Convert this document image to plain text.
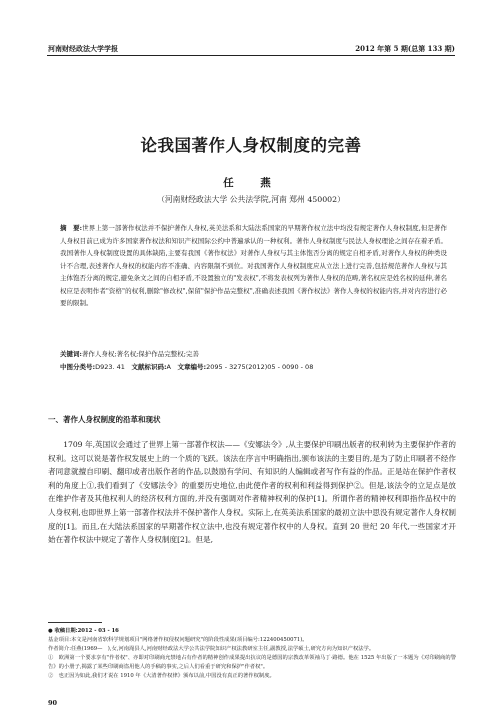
河南财经政法大学学报	2012 年第 5 期(总第 133 期)
论我国著作人身权制度的完善
任　燕
（河南财经政法大学 公共法学院,河南 郑州 450002）
摘　要:世界上第一部著作权法并不保护著作人身权,英美法系和大陆法系国家的早期著作权立法中均没有规定著作人身权制度,但是著作人身权目前已成为许多国家著作权法和知识产权国际公约中普遍承认的一种权利。著作人身权制度与民法人身权理论之间存在着矛盾。我国著作人身权制度设置的具体缺陷,主要有我国《著作权法》对著作人身权与其主体饱否分离的规定自相矛盾,对著作人身权的种类设计不合理,表述著作人身权的权能内容不准确、内容限制不到位。对我国著作人身权制度应从立法上进行完善,包括规范著作人身权与其主体饱否分离的规定,避免条文之间的自相矛盾,不设置独立的"发表权",不将发表权列为著作人身权的范畴,著名权应是姓名权的延伸,著名权应是表明作者"资格"的权利,删除"修改权",保留"保护作品完整权",准确表述我国《著作权法》著作人身权的权能内容,并对内容进行必要的限制。
关键词:著作人身权;著名权;保护作品完整权;完善
中图分类号:D923. 41　 文献标识码:A　 文章编号:2095 - 3275(2012)05 - 0090 - 08
一、著作人身权制度的沿革和现状
1709 年,英国议会通过了世界上第一部著作权法——《安娜法令》,从主要保护印刷出版者的权利转为主要保护作者的权利。这可以说是著作权发展史上的一个质的飞跃。该法在序言中明确指出,颁布该法的主要目的,是为了防止印刷者不经作者同意就擅自印刷、翻印或者出版作者的作品,以鼓励有学问、有知识的人编辑或者写作有益的作品。正是站在保护作者权利的角度上①,我们看到了《安娜法令》的重要历史地位,由此使作者的权利和利益得到保护②。但是,该法令的立足点是放在维护作者及其他权利人的经济权利方面的,并没有强调对作者精神权利的保护[1]。所谓作者的精神权利即指作品权中的人身权利,也即世界上第一部著作权法并不保护著作人身权。实际上,在英美法系国家的最初立法中思没有规定著作人身权制度的[1]。而且,在大陆法系国家的早期著作权立法中,也没有规定著作权中的人身权。直到 20 世纪 20 年代,一些国家才开始在著作权法中规定了著作人身权制度[2]。但是,
● 收稿日期:2012 - 03 - 16
基金项目:本文是河南省软科学规划项目"网络著作权侵权问题研究"的阶段性成果(项目编号:122400450071)。
作者简介:任燕(1969—　),女,河南渑县人,河南财经政法大学公共法学院知识产权法教研室主任,副教授,法学硕士,研究方向为知识产权法学。
①　欧洲第一个要求享有"作者权"、亦即对印刷商允禁地占有作者的精神创作成果提出抗议的是德国的宗教改革领袖马丁·路德。他在 1525 年出版了一本题为《对印刷商的警告》的小册子,揭露了某些印刷商盗用他人的手稿的事实,之后人们看重于研究和保护"作者权"。
②　也正因为如此,我们才说在 1910 年《大清著作权律》颁布以前,中国没有真正的著作权制度。
90
